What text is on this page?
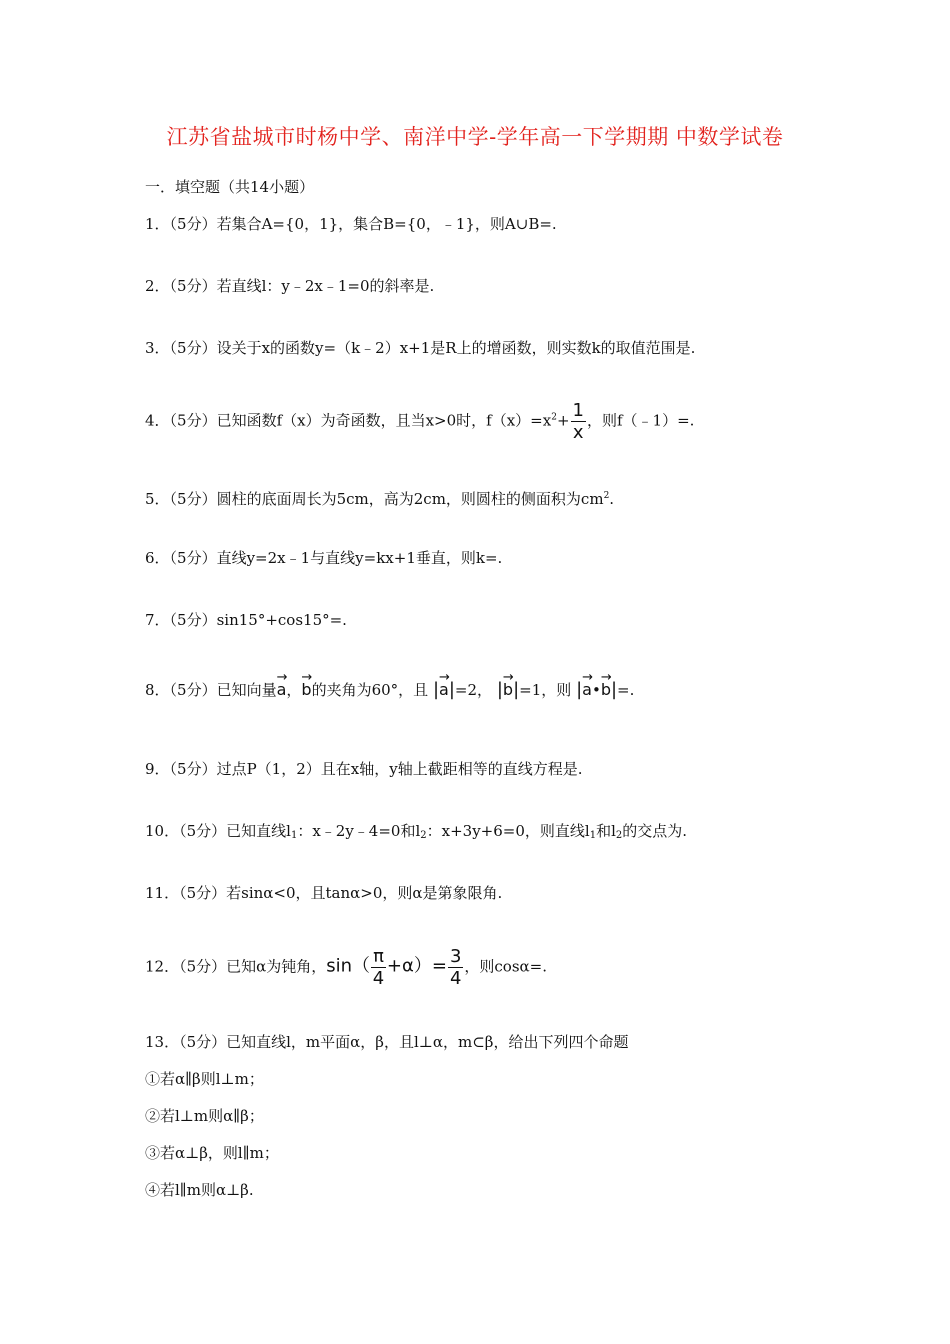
江苏省盐城市时杨中学、南洋中学-学年高一下学期期 中数学试卷
一．填空题（共14小题）
1．（5分）若集合A={0，1}，集合B={0，﹣1}，则A∪B=.
2．（5分）若直线l：y﹣2x﹣1=0的斜率是.
3．（5分）设关于x的函数y=（k﹣2）x+1是R上的增函数，则实数k的取值范围是.
4．（5分）已知函数f（x）为奇函数，且当x>0时，$f(x)=x^2+ \frac{1}{x}$ ，则f（﹣1）=.
5．（5分）圆柱的底面周长为5cm，高为2cm，则圆柱的侧面积为$cm^2$.
6．（5分）直线y=2x﹣1与直线y=kx+1垂直，则k=.
7．（5分）sin15°+cos15°=.
8．（5分）已知向量→ a，→ b的夹角为60°，且 |→ a|=2， |→ b|=1，则 |→ a•→ b|=.
9．（5分）过点P（1，2）且在x轴，y轴上截距相等的直线方程是.
10．（5分）已知直线l1：x﹣2y﹣4=0和l2：x+3y+6=0，则直线l1和l2的交点为.
11．（5分）若sinα<0，且tanα>0，则α是第象限角.
12．（5分）已知α为钝角，$\sin( \frac{\pi}{4} +\alpha)= \frac{3}{4}$ ，则cosα=.
13．（5分）已知直线l，m平面α，β，且l⊥α，m⊂β，给出下列四个命题
①若α∥β则l⊥m；
②若l⊥m则α∥β；
③若α⊥β，则l∥m；
④若l∥m则α⊥β.
